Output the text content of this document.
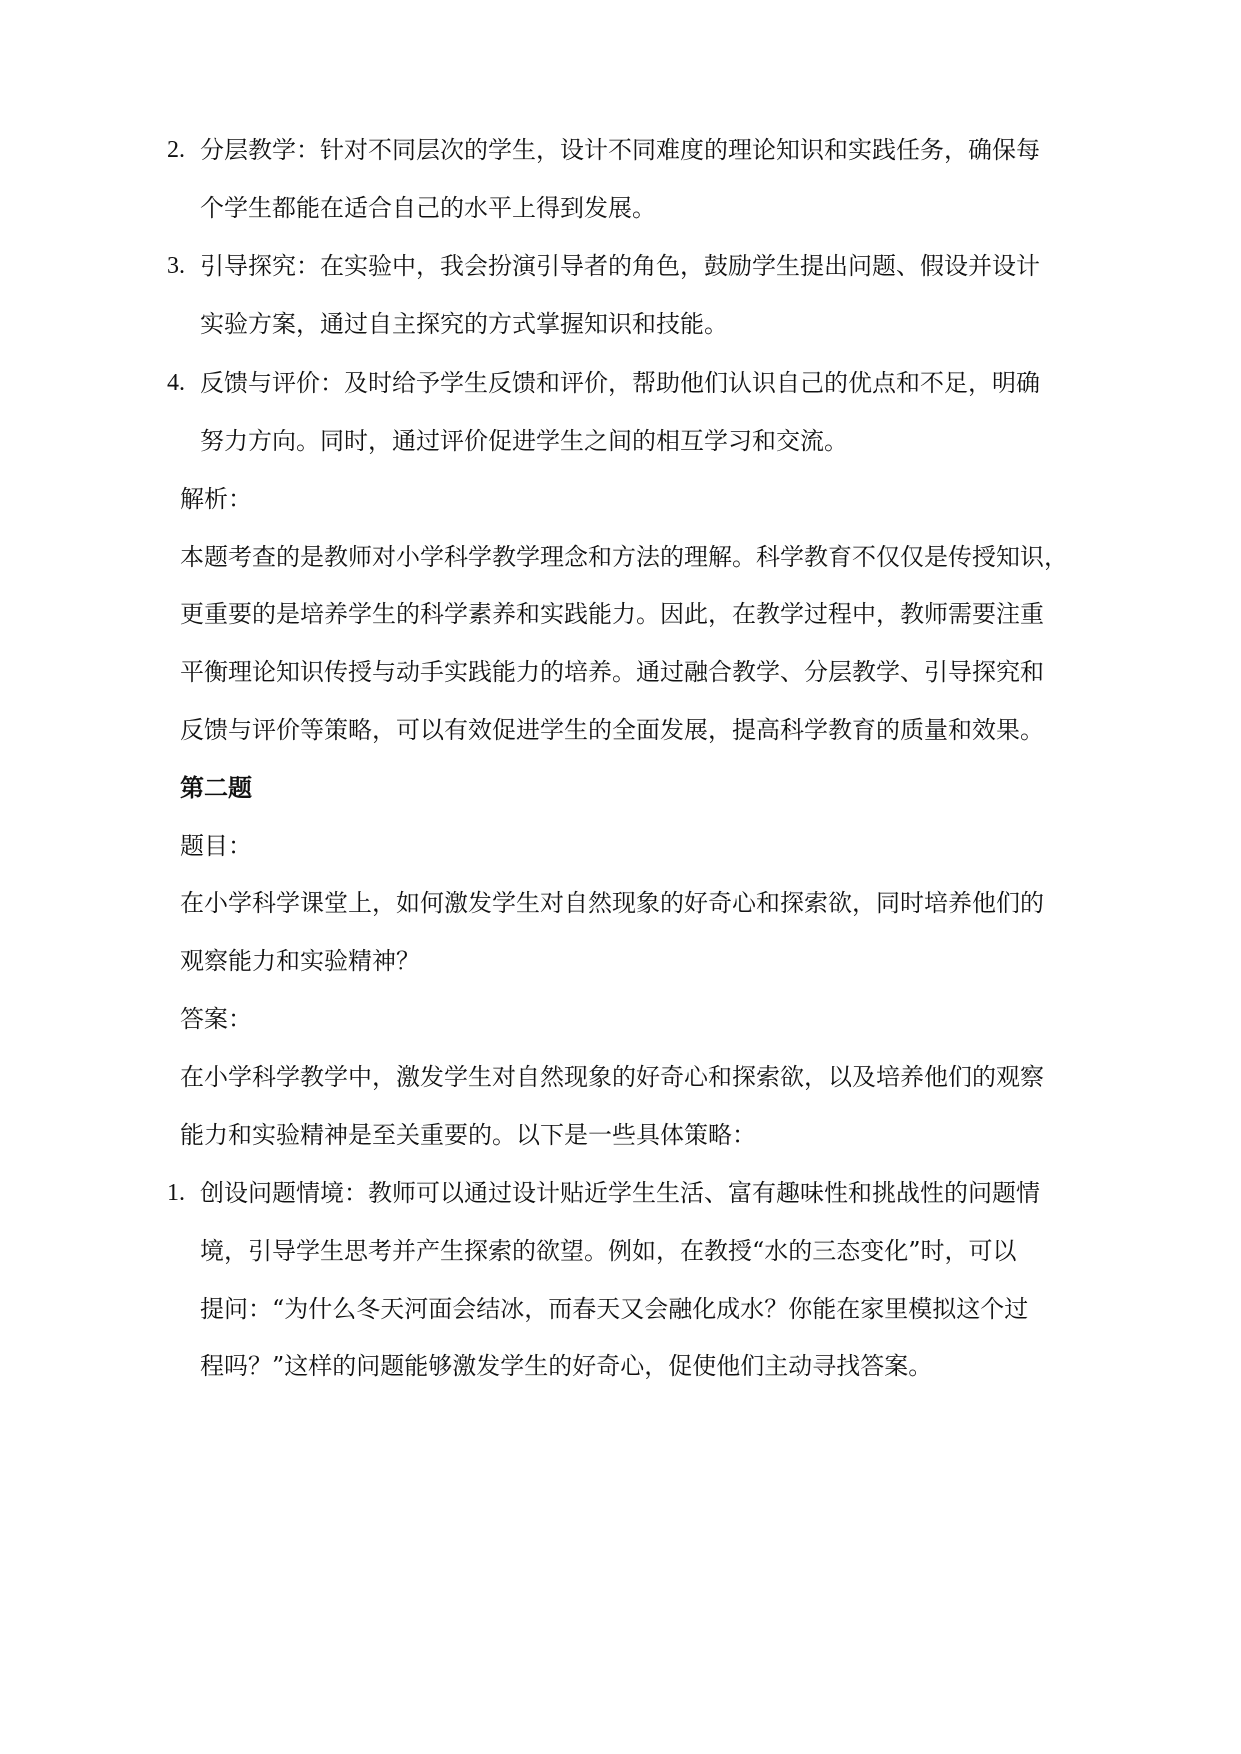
2. 分层教学：针对不同层次的学生，设计不同难度的理论知识和实践任务，确保每
个学生都能在适合自己的水平上得到发展。
3. 引导探究：在实验中，我会扮演引导者的角色，鼓励学生提出问题、假设并设计
实验方案，通过自主探究的方式掌握知识和技能。
4. 反馈与评价：及时给予学生反馈和评价，帮助他们认识自己的优点和不足，明确
努力方向。同时，通过评价促进学生之间的相互学习和交流。
解析：
本题考查的是教师对小学科学教学理念和方法的理解。科学教育不仅仅是传授知识，
更重要的是培养学生的科学素养和实践能力。因此，在教学过程中，教师需要注重
平衡理论知识传授与动手实践能力的培养。通过融合教学、分层教学、引导探究和
反馈与评价等策略，可以有效促进学生的全面发展，提高科学教育的质量和效果。
第二题
题目：
在小学科学课堂上，如何激发学生对自然现象的好奇心和探索欲，同时培养他们的
观察能力和实验精神？
答案：
在小学科学教学中，激发学生对自然现象的好奇心和探索欲，以及培养他们的观察
能力和实验精神是至关重要的。以下是一些具体策略：
1. 创设问题情境：教师可以通过设计贴近学生生活、富有趣味性和挑战性的问题情
境，引导学生思考并产生探索的欲望。例如，在教授“水的三态变化”时，可以
提问：“为什么冬天河面会结冰，而春天又会融化成水？你能在家里模拟这个过
程吗？”这样的问题能够激发学生的好奇心，促使他们主动寻找答案。
